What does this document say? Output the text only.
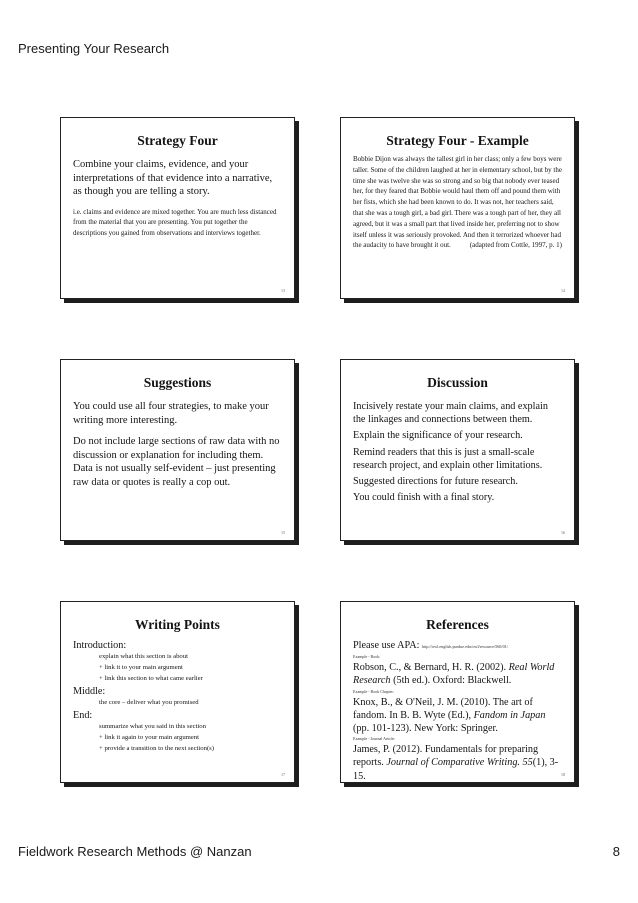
Presenting Your Research
Strategy Four
Combine your claims, evidence, and your interpretations of that evidence into a narrative, as though you are telling a story.
i.e. claims and evidence are mixed together. You are much less distanced from the material that you are presenting. You put together the descriptions you gained from observations and interviews together.
13
Strategy Four - Example
Bobbie Dijon was always the tallest girl in her class; only a few boys were taller. Some of the children laughed at her in elementary school, but by the time she was twelve she was so strong and so big that nobody ever teased her, for they feared that Bobbie would haul them off and pound them with her fists, which she had been known to do. It was not, her teachers said, that she was a tough girl, a bad girl. There was a tough part of her, they all agreed, but it was a small part that lived inside her, preferring not to show itself unless it was seriously provoked. And then it terrorized whoever had the audacity to have brought it out.	(adapted from Cottle, 1997, p. 1)
14
Suggestions
You could use all four strategies, to make your writing more interesting.
Do not include large sections of raw data with no discussion or explanation for including them. Data is not usually self-evident – just presenting raw data or quotes is really a cop out.
15
Discussion
Incisively restate your main claims, and explain the linkages and connections between them.
Explain the significance of your research.
Remind readers that this is just a small-scale research project, and explain other limitations.
Suggested directions for future research.
You could finish with a final story.
16
Writing Points
Introduction:
explain what this section is about
+ link it to your main argument
+ link this section to what came earlier
Middle:
the core – deliver what you promised
End:
summarize what you said in this section
+ link it again to your main argument
+ provide a transition to the next section(s)
17
References
Please use APA: http://owl.english.purdue.edu/owl/resource/560/01/
Example - Book:
Robson, C., & Bernard, H. R. (2002). Real World Research (5th ed.). Oxford: Blackwell.
Example - Book Chapter:
Knox, B., & O'Neil, J. M. (2010). The art of fandom. In B. B. Wyte (Ed.), Fandom in Japan (pp. 101-123). New York: Springer.
Example - Journal Article:
James, P. (2012). Fundamentals for preparing reports. Journal of Comparative Writing. 55(1), 3-15.	18
Fieldwork Research Methods @ Nanzan	8
